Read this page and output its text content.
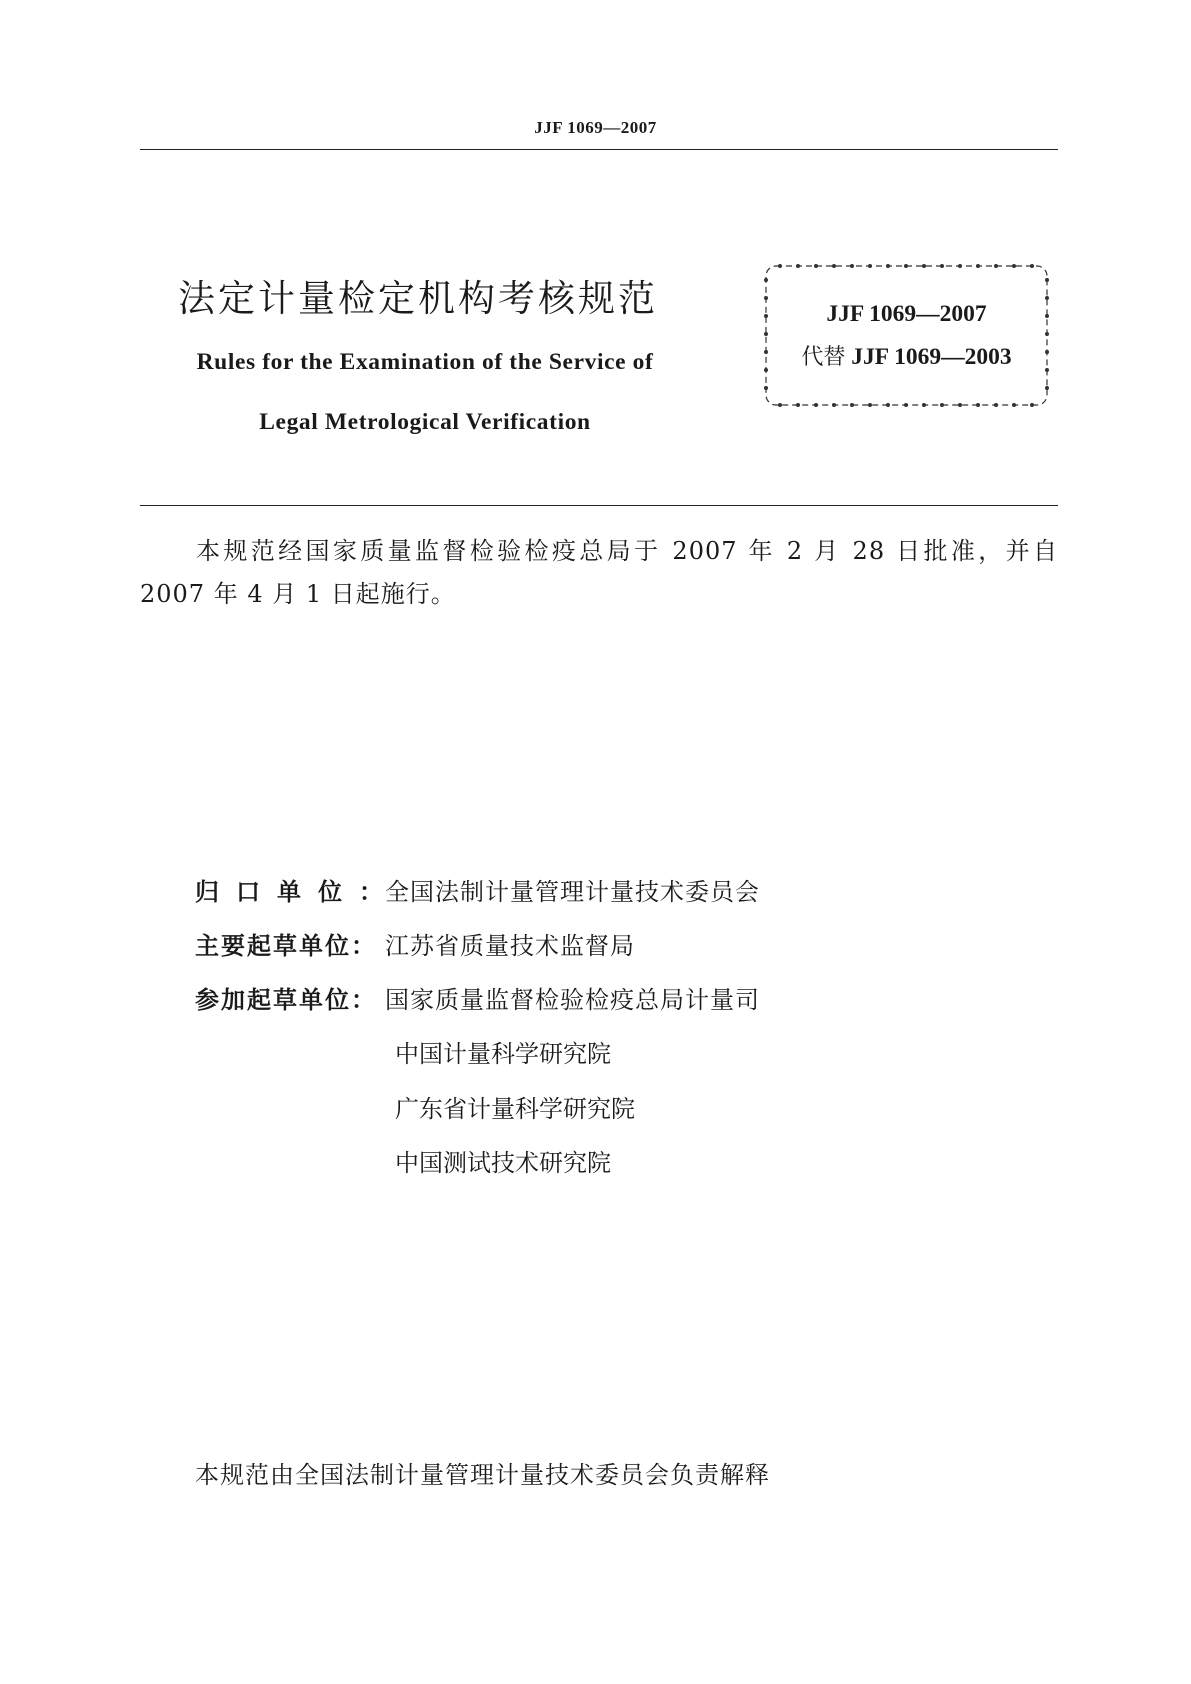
JJF 1069—2007
法定计量检定机构考核规范
Rules for the Examination of the Service of
Legal Metrological Verification
JJF 1069—2007
代替 JJF 1069—2003
本规范经国家质量监督检验检疫总局于 2007 年 2 月 28 日批准，并自 2007 年 4 月 1 日起施行。
归口单位：全国法制计量管理计量技术委员会
主要起草单位： 江苏省质量技术监督局
参加起草单位： 国家质量监督检验检疫总局计量司
中国计量科学研究院
广东省计量科学研究院
中国测试技术研究院
本规范由全国法制计量管理计量技术委员会负责解释
